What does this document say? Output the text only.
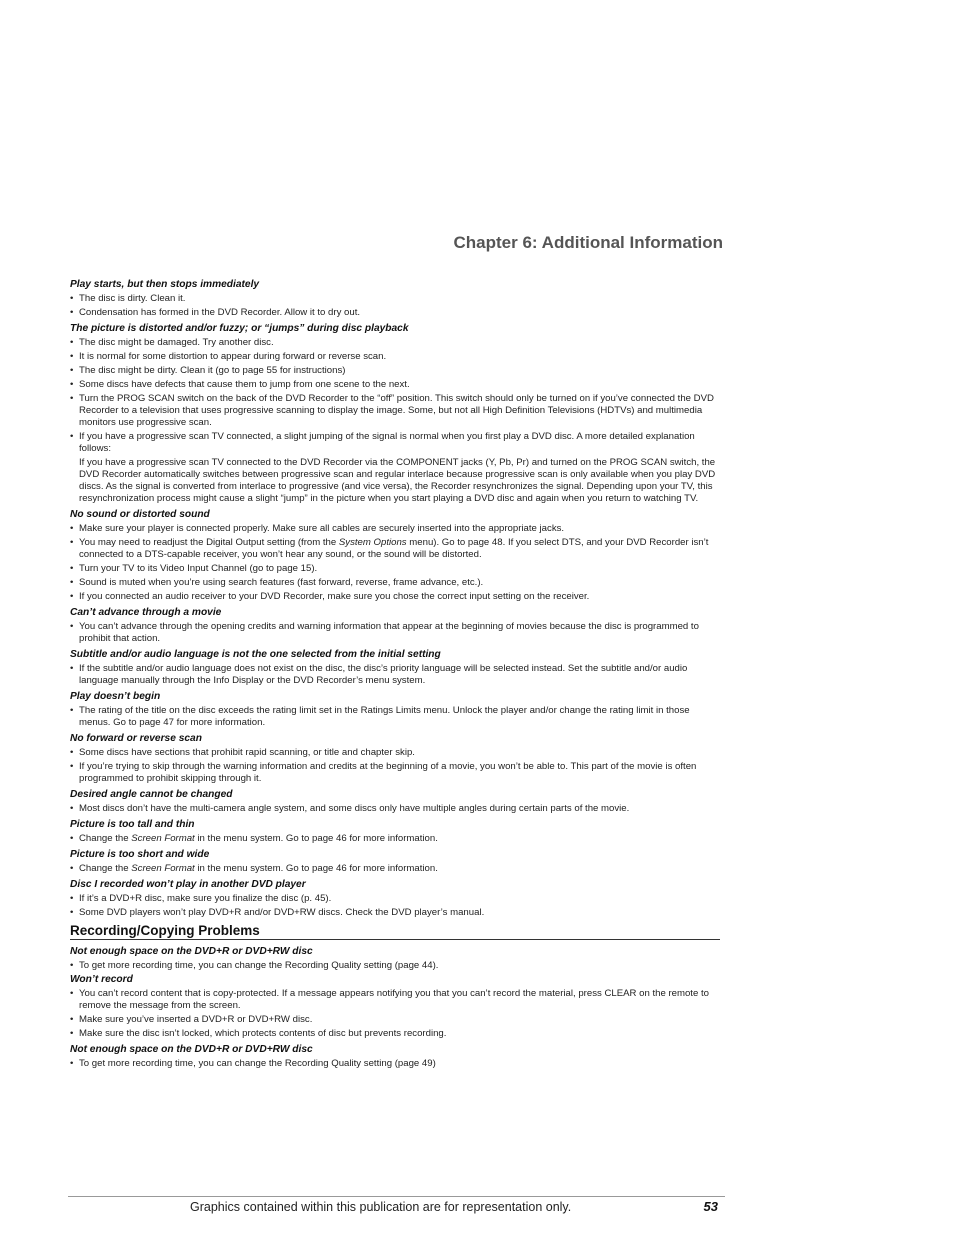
Chapter 6: Additional Information

Play starts, but then stops immediately

• The disc is dirty. Clean it.
• Condensation has formed in the DVD Recorder. Allow it to dry out.

The picture is distorted and/or fuzzy; or “jumps” during disc playback

• The disc might be damaged. Try another disc.
• It is normal for some distortion to appear during forward or reverse scan.
• The disc might be dirty. Clean it (go to page 55 for instructions)
• Some discs have defects that cause them to jump from one scene to the next.
• Turn the PROG SCAN switch on the back of the DVD Recorder to the “off” position. This switch should only be turned on if you’ve connected the DVD Recorder to a television that uses progressive scanning to display the image. Some, but not all High Definition Televisions (HDTVs) and multimedia monitors use progressive scan.
• If you have a progressive scan TV connected, a slight jumping of the signal is normal when you first play a DVD disc. A more detailed explanation follows:

If you have a progressive scan TV connected to the DVD Recorder via the COMPONENT jacks (Y, Pb, Pr) and turned on the PROG SCAN switch, the DVD Recorder automatically switches between progressive scan and regular interlace because progressive scan is only available when you play DVD discs. As the signal is converted from interlace to progressive (and vice versa), the Recorder resynchronizes the signal. Depending upon your TV, this resynchronization process might cause a slight “jump” in the picture when you start playing a DVD disc and again when you return to watching TV.

No sound or distorted sound

• Make sure your player is connected properly. Make sure all cables are securely inserted into the appropriate jacks.
• You may need to readjust the Digital Output setting (from the System Options menu). Go to page 48. If you select DTS, and your DVD Recorder isn’t connected to a DTS-capable receiver, you won’t hear any sound, or the sound will be distorted.
• Turn your TV to its Video Input Channel (go to page 15).
• Sound is muted when you’re using search features (fast forward, reverse, frame advance, etc.).
• If you connected an audio receiver to your DVD Recorder, make sure you chose the correct input setting on the receiver.

Can’t advance through a movie

• You can’t advance through the opening credits and warning information that appear at the beginning of movies because the disc is programmed to prohibit that action.

Subtitle and/or audio language is not the one selected from the initial setting

• If the subtitle and/or audio language does not exist on the disc, the disc’s priority language will be selected instead. Set the subtitle and/or audio language manually through the Info Display or the DVD Recorder’s menu system.

Play doesn’t begin

• The rating of the title on the disc exceeds the rating limit set in the Ratings Limits menu. Unlock the player and/or change the rating limit in those menus. Go to page 47 for more information.

No forward or reverse scan

• Some discs have sections that prohibit rapid scanning, or title and chapter skip.
• If you’re trying to skip through the warning information and credits at the beginning of a movie, you won’t be able to. This part of the movie is often programmed to prohibit skipping through it.

Desired angle cannot be changed

• Most discs don’t have the multi-camera angle system, and some discs only have multiple angles during certain parts of the movie.

Picture is too tall and thin

• Change the Screen Format in the menu system. Go to page 46 for more information.

Picture is too short and wide

• Change the Screen Format in the menu system. Go to page 46 for more information.

Disc I recorded won’t play in another DVD player

• If it’s a DVD+R disc, make sure you finalize the disc (p. 45).
• Some DVD players won’t play DVD+R and/or DVD+RW discs. Check the DVD player’s manual.
Recording/Copying Problems

Not enough space on the DVD+R or DVD+RW disc

• To get more recording time, you can change the Recording Quality setting (page 44).

Won’t record

• You can’t record content that is copy-protected. If a message appears notifying you that you can’t record the material, press CLEAR on the remote to remove the message from the screen.
• Make sure you’ve inserted a DVD+R or DVD+RW disc.
• Make sure the disc isn’t locked, which protects contents of disc but prevents recording.

Not enough space on the DVD+R or DVD+RW disc

• To get more recording time, you can change the Recording Quality setting (page 49)
Graphics contained within this publication are for representation only.	53
